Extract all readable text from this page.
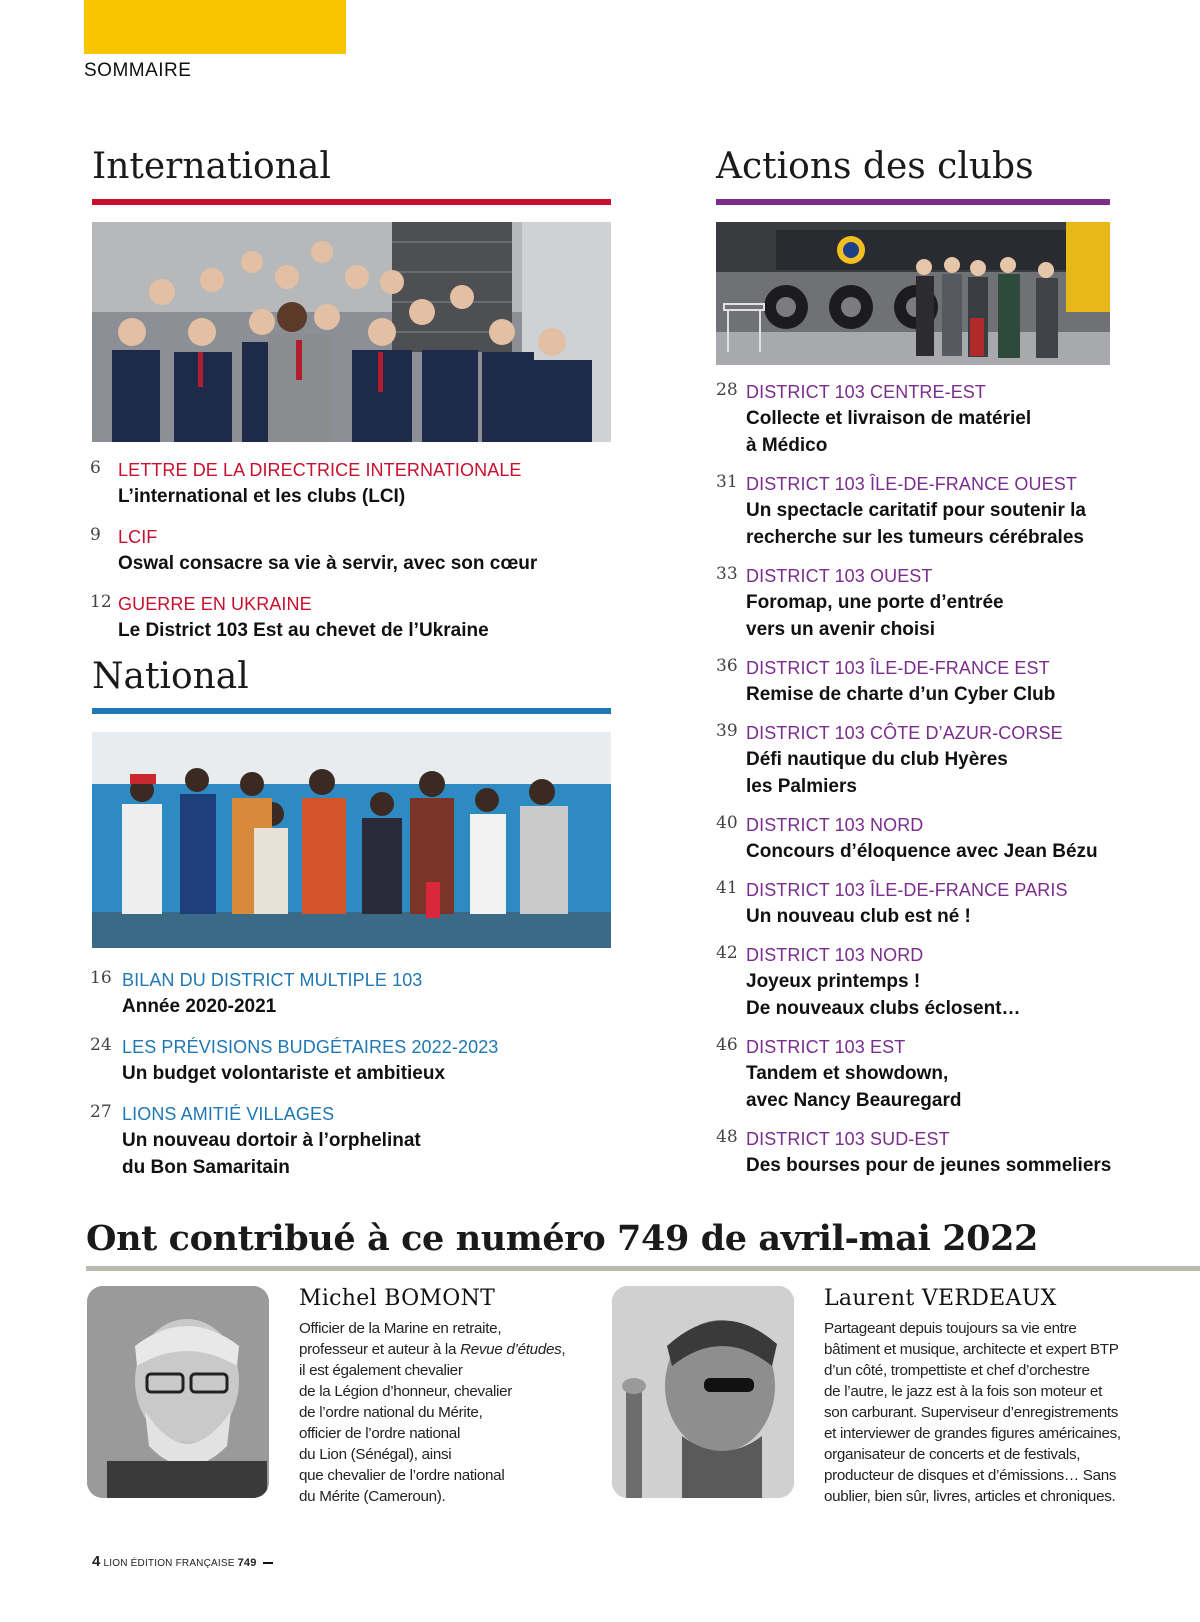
SOMMAIRE
International
6 LETTRE DE LA DIRECTRICE INTERNATIONALE
L’international et les clubs (LCI)
9 LCIF
Oswal consacre sa vie à servir, avec son cœur
12 GUERRE EN UKRAINE
Le District 103 Est au chevet de l’Ukraine
National
16 BILAN DU DISTRICT MULTIPLE 103
Année 2020-2021
24 LES PRÉVISIONS BUDGÉTAIRES 2022-2023
Un budget volontariste et ambitieux
27 LIONS AMITIÉ VILLAGES
Un nouveau dortoir à l’orphelinat
du Bon Samaritain
Actions des clubs
28 DISTRICT 103 CENTRE-EST
Collecte et livraison de matériel
à Médico
31 DISTRICT 103 ÎLE-DE-FRANCE OUEST
Un spectacle caritatif pour soutenir la
recherche sur les tumeurs cérébrales
33 DISTRICT 103 OUEST
Foromap, une porte d’entrée
vers un avenir choisi
36 DISTRICT 103 ÎLE-DE-FRANCE EST
Remise de charte d’un Cyber Club
39 DISTRICT 103 CÔTE D’AZUR-CORSE
Défi nautique du club Hyères
les Palmiers
40 DISTRICT 103 NORD
Concours d’éloquence avec Jean Bézu
41 DISTRICT 103 ÎLE-DE-FRANCE PARIS
Un nouveau club est né !
42 DISTRICT 103 NORD
Joyeux printemps !
De nouveaux clubs éclosent…
46 DISTRICT 103 EST
Tandem et showdown,
avec Nancy Beauregard
48 DISTRICT 103 SUD-EST
Des bourses pour de jeunes sommeliers
Ont contribué à ce numéro 749 de avril-mai 2022
Michel BOMONT
Officier de la Marine en retraite,
professeur et auteur à la Revue d’études,
il est également chevalier
de la Légion d’honneur, chevalier
de l’ordre national du Mérite,
officier de l’ordre national
du Lion (Sénégal), ainsi
que chevalier de l’ordre national
du Mérite (Cameroun).
Laurent VERDEAUX
Partageant depuis toujours sa vie entre
bâtiment et musique, architecte et expert BTP
d’un côté, trompettiste et chef d’orchestre
de l’autre, le jazz est à la fois son moteur et
son carburant. Superviseur d’enregistrements
et interviewer de grandes figures américaines,
organisateur de concerts et de festivals,
producteur de disques et d’émissions… Sans
oublier, bien sûr, livres, articles et chroniques.
4 LION ÉDITION FRANÇAISE 749
